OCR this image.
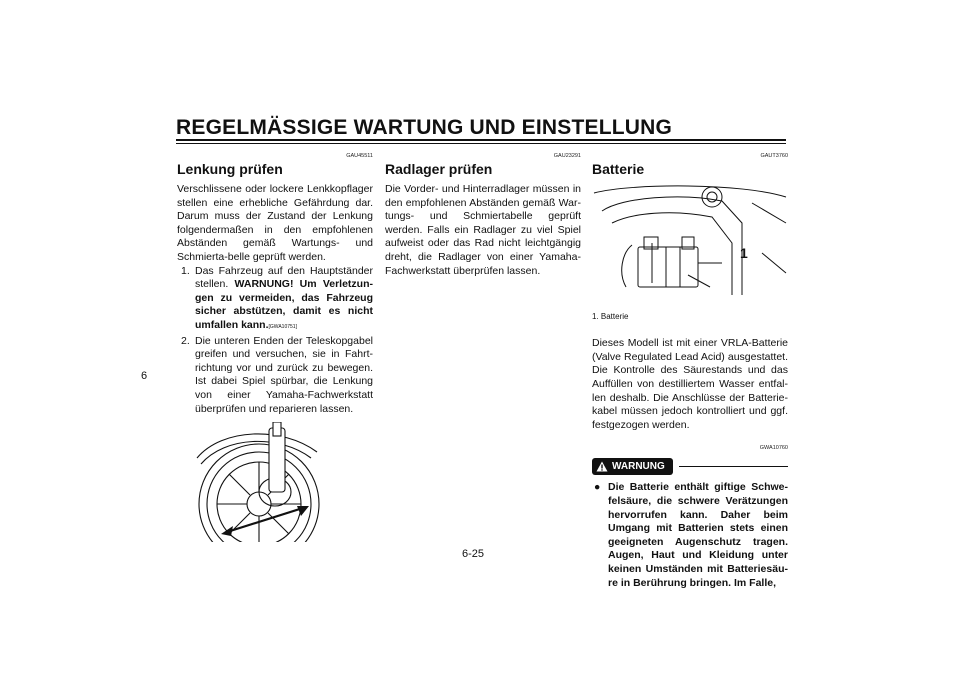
REGELMÄSSIGE WARTUNG UND EINSTELLUNG
6
GAU45511
Lenkung prüfen

Verschlissene oder lockere Lenkkopflager stellen eine erhebliche Gefährdung dar. Darum muss der Zustand der Lenkung folgendermaßen in den empfohlenen Abständen gemäß Wartungs- und Schmierta-belle geprüft werden.

1. Das Fahrzeug auf den Hauptständer stellen. WARNUNG! Um Verletzun-gen zu vermeiden, das Fahrzeug sicher abstützen, damit es nicht umfallen kann.[GWA10751]
2. Die unteren Enden der Teleskopgabel greifen und versuchen, sie in Fahrt-richtung vor und zurück zu bewegen. Ist dabei Spiel spürbar, die Lenkung von einer Yamaha-Fachwerkstatt überprüfen und reparieren lassen.
GAU23291
Radlager prüfen

Die Vorder- und Hinterradlager müssen in den empfohlenen Abständen gemäß War-tungs- und Schmiertabelle geprüft werden. Falls ein Radlager zu viel Spiel aufweist oder das Rad nicht leichtgängig dreht, die Radlager von einer Yamaha-Fachwerkstatt überprüfen lassen.

GAUT3760
Batterie
1
1. Batterie

Dieses Modell ist mit einer VRLA-Batterie (Valve Regulated Lead Acid) ausgestattet. Die Kontrolle des Säurestands und das Auffüllen von destilliertem Wasser entfal-len deshalb. Die Anschlüsse der Batterie-kabel müssen jedoch kontrolliert und ggf. festgezogen werden.

GWA10760
WARNUNG
● Die Batterie enthält giftige Schwe-felsäure, die schwere Verätzungen hervorrufen kann. Daher beim Umgang mit Batterien stets einen geeigneten Augenschutz tragen. Augen, Haut und Kleidung unter keinen Umständen mit Batteriesäu-re in Berührung bringen. Im Falle,
6-25
